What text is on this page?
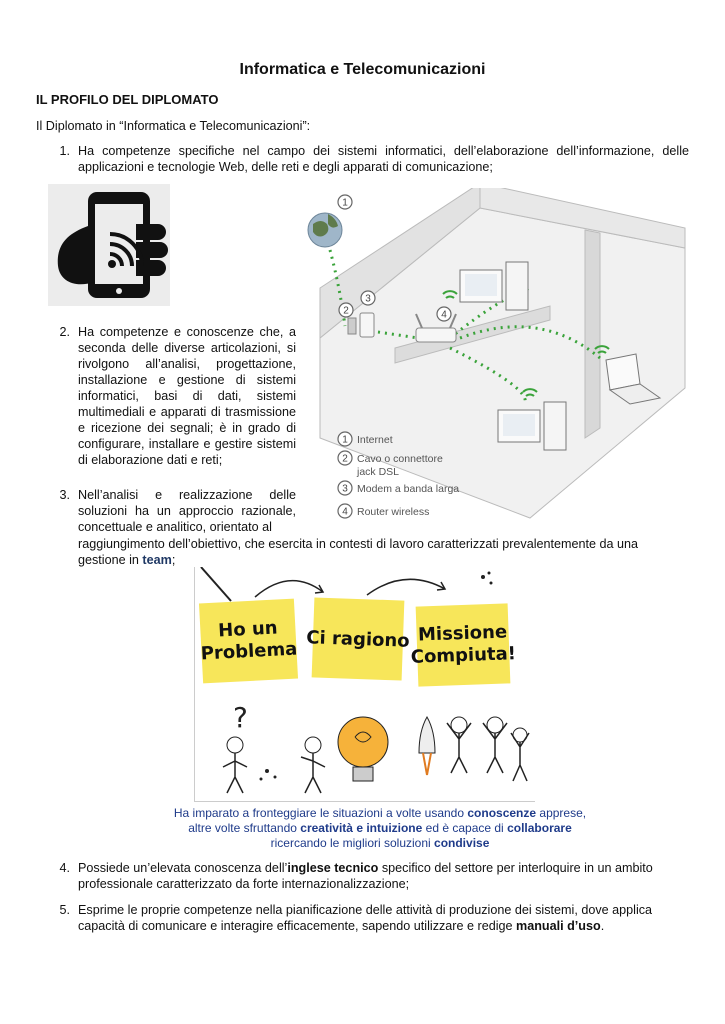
Informatica e Telecomunicazioni
IL PROFILO DEL DIPLOMATO
Il Diplomato in “Informatica e Telecomunicazioni”:
1. Ha competenze specifiche nel campo dei sistemi informatici, dell’elaborazione dell’informazione, delle applicazioni e tecnologie Web, delle reti e degli apparati di comunicazione;
1
2
3
4
1 Internet
2 Cavo o connettore
jack DSL
3 Modem a banda larga
4 Router wireless
2. Ha competenze e conoscenze che, a seconda delle diverse articolazioni, si rivolgono all’analisi, progettazione, installazione e gestione di sistemi informatici, basi di dati, sistemi multimediali e apparati di trasmissione e ricezione dei segnali; è in grado di configurare, installare e gestire sistemi di elaborazione dati e reti;
3. Nell’analisi e realizzazione delle soluzioni ha un approccio razionale, concettuale e analitico, orientato al
raggiungimento dell’obiettivo, che esercita in contesti di lavoro caratterizzati prevalentemente da una gestione in team;
Ho un
Problema Ci ragiono Missione
Compiuta!
?
Ha imparato a fronteggiare le situazioni a volte usando conoscenze apprese,
altre volte sfruttando creatività e intuizione ed è capace di collaborare
ricercando le migliori soluzioni condivise
4. Possiede un’elevata conoscenza dell’inglese tecnico specifico del settore per interloquire in un ambito professionale caratterizzato da forte internazionalizzazione;
5. Esprime le proprie competenze nella pianificazione delle attività di produzione dei sistemi, dove applica capacità di comunicare e interagire efficacemente, sapendo utilizzare e redige manuali d’uso.
